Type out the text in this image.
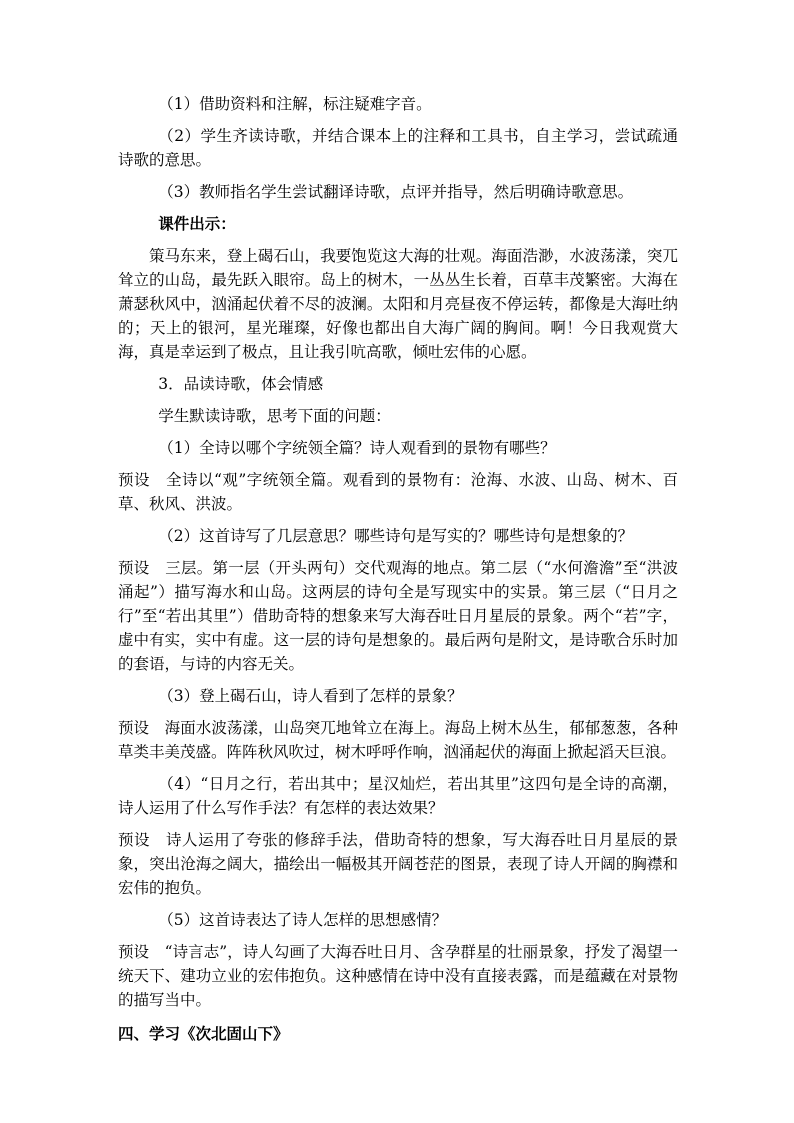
（1）借助资料和注解，标注疑难字音。

（2）学生齐读诗歌，并结合课本上的注释和工具书，自主学习，尝试疏通诗歌的意思。

（3）教师指名学生尝试翻译诗歌，点评并指导，然后明确诗歌意思。

课件出示：

策马东来，登上碣石山，我要饱览这大海的壮观。海面浩渺，水波荡漾，突兀耸立的山岛，最先跃入眼帘。岛上的树木，一丛丛生长着，百草丰茂繁密。大海在萧瑟秋风中，汹涌起伏着不尽的波澜。太阳和月亮昼夜不停运转，都像是大海吐纳的；天上的银河，星光璀璨，好像也都出自大海广阔的胸间。啊！今日我观赏大海，真是幸运到了极点，且让我引吭高歌，倾吐宏伟的心愿。

3．品读诗歌，体会情感

学生默读诗歌，思考下面的问题：

（1）全诗以哪个字统领全篇？诗人观看到的景物有哪些？

预设　全诗以“观”字统领全篇。观看到的景物有：沧海、水波、山岛、树木、百草、秋风、洪波。

（2）这首诗写了几层意思？哪些诗句是写实的？哪些诗句是想象的？

预设　三层。第一层（开头两句）交代观海的地点。第二层（“水何澹澹”至“洪波涌起”）描写海水和山岛。这两层的诗句全是写现实中的实景。第三层（“日月之行”至“若出其里”）借助奇特的想象来写大海吞吐日月星辰的景象。两个“若”字，虚中有实，实中有虚。这一层的诗句是想象的。最后两句是附文，是诗歌合乐时加的套语，与诗的内容无关。

（3）登上碣石山，诗人看到了怎样的景象？

预设　海面水波荡漾，山岛突兀地耸立在海上。海岛上树木丛生，郁郁葱葱，各种草类丰美茂盛。阵阵秋风吹过，树木呼呼作响，汹涌起伏的海面上掀起滔天巨浪。

（4）“日月之行，若出其中；星汉灿烂，若出其里”这四句是全诗的高潮，诗人运用了什么写作手法？有怎样的表达效果？

预设　诗人运用了夸张的修辞手法，借助奇特的想象，写大海吞吐日月星辰的景象，突出沧海之阔大，描绘出一幅极其开阔苍茫的图景，表现了诗人开阔的胸襟和宏伟的抱负。

（5）这首诗表达了诗人怎样的思想感情？

预设　“诗言志”，诗人勾画了大海吞吐日月、含孕群星的壮丽景象，抒发了渴望一统天下、建功立业的宏伟抱负。这种感情在诗中没有直接表露，而是蕴藏在对景物的描写当中。

四、学习《次北固山下》
